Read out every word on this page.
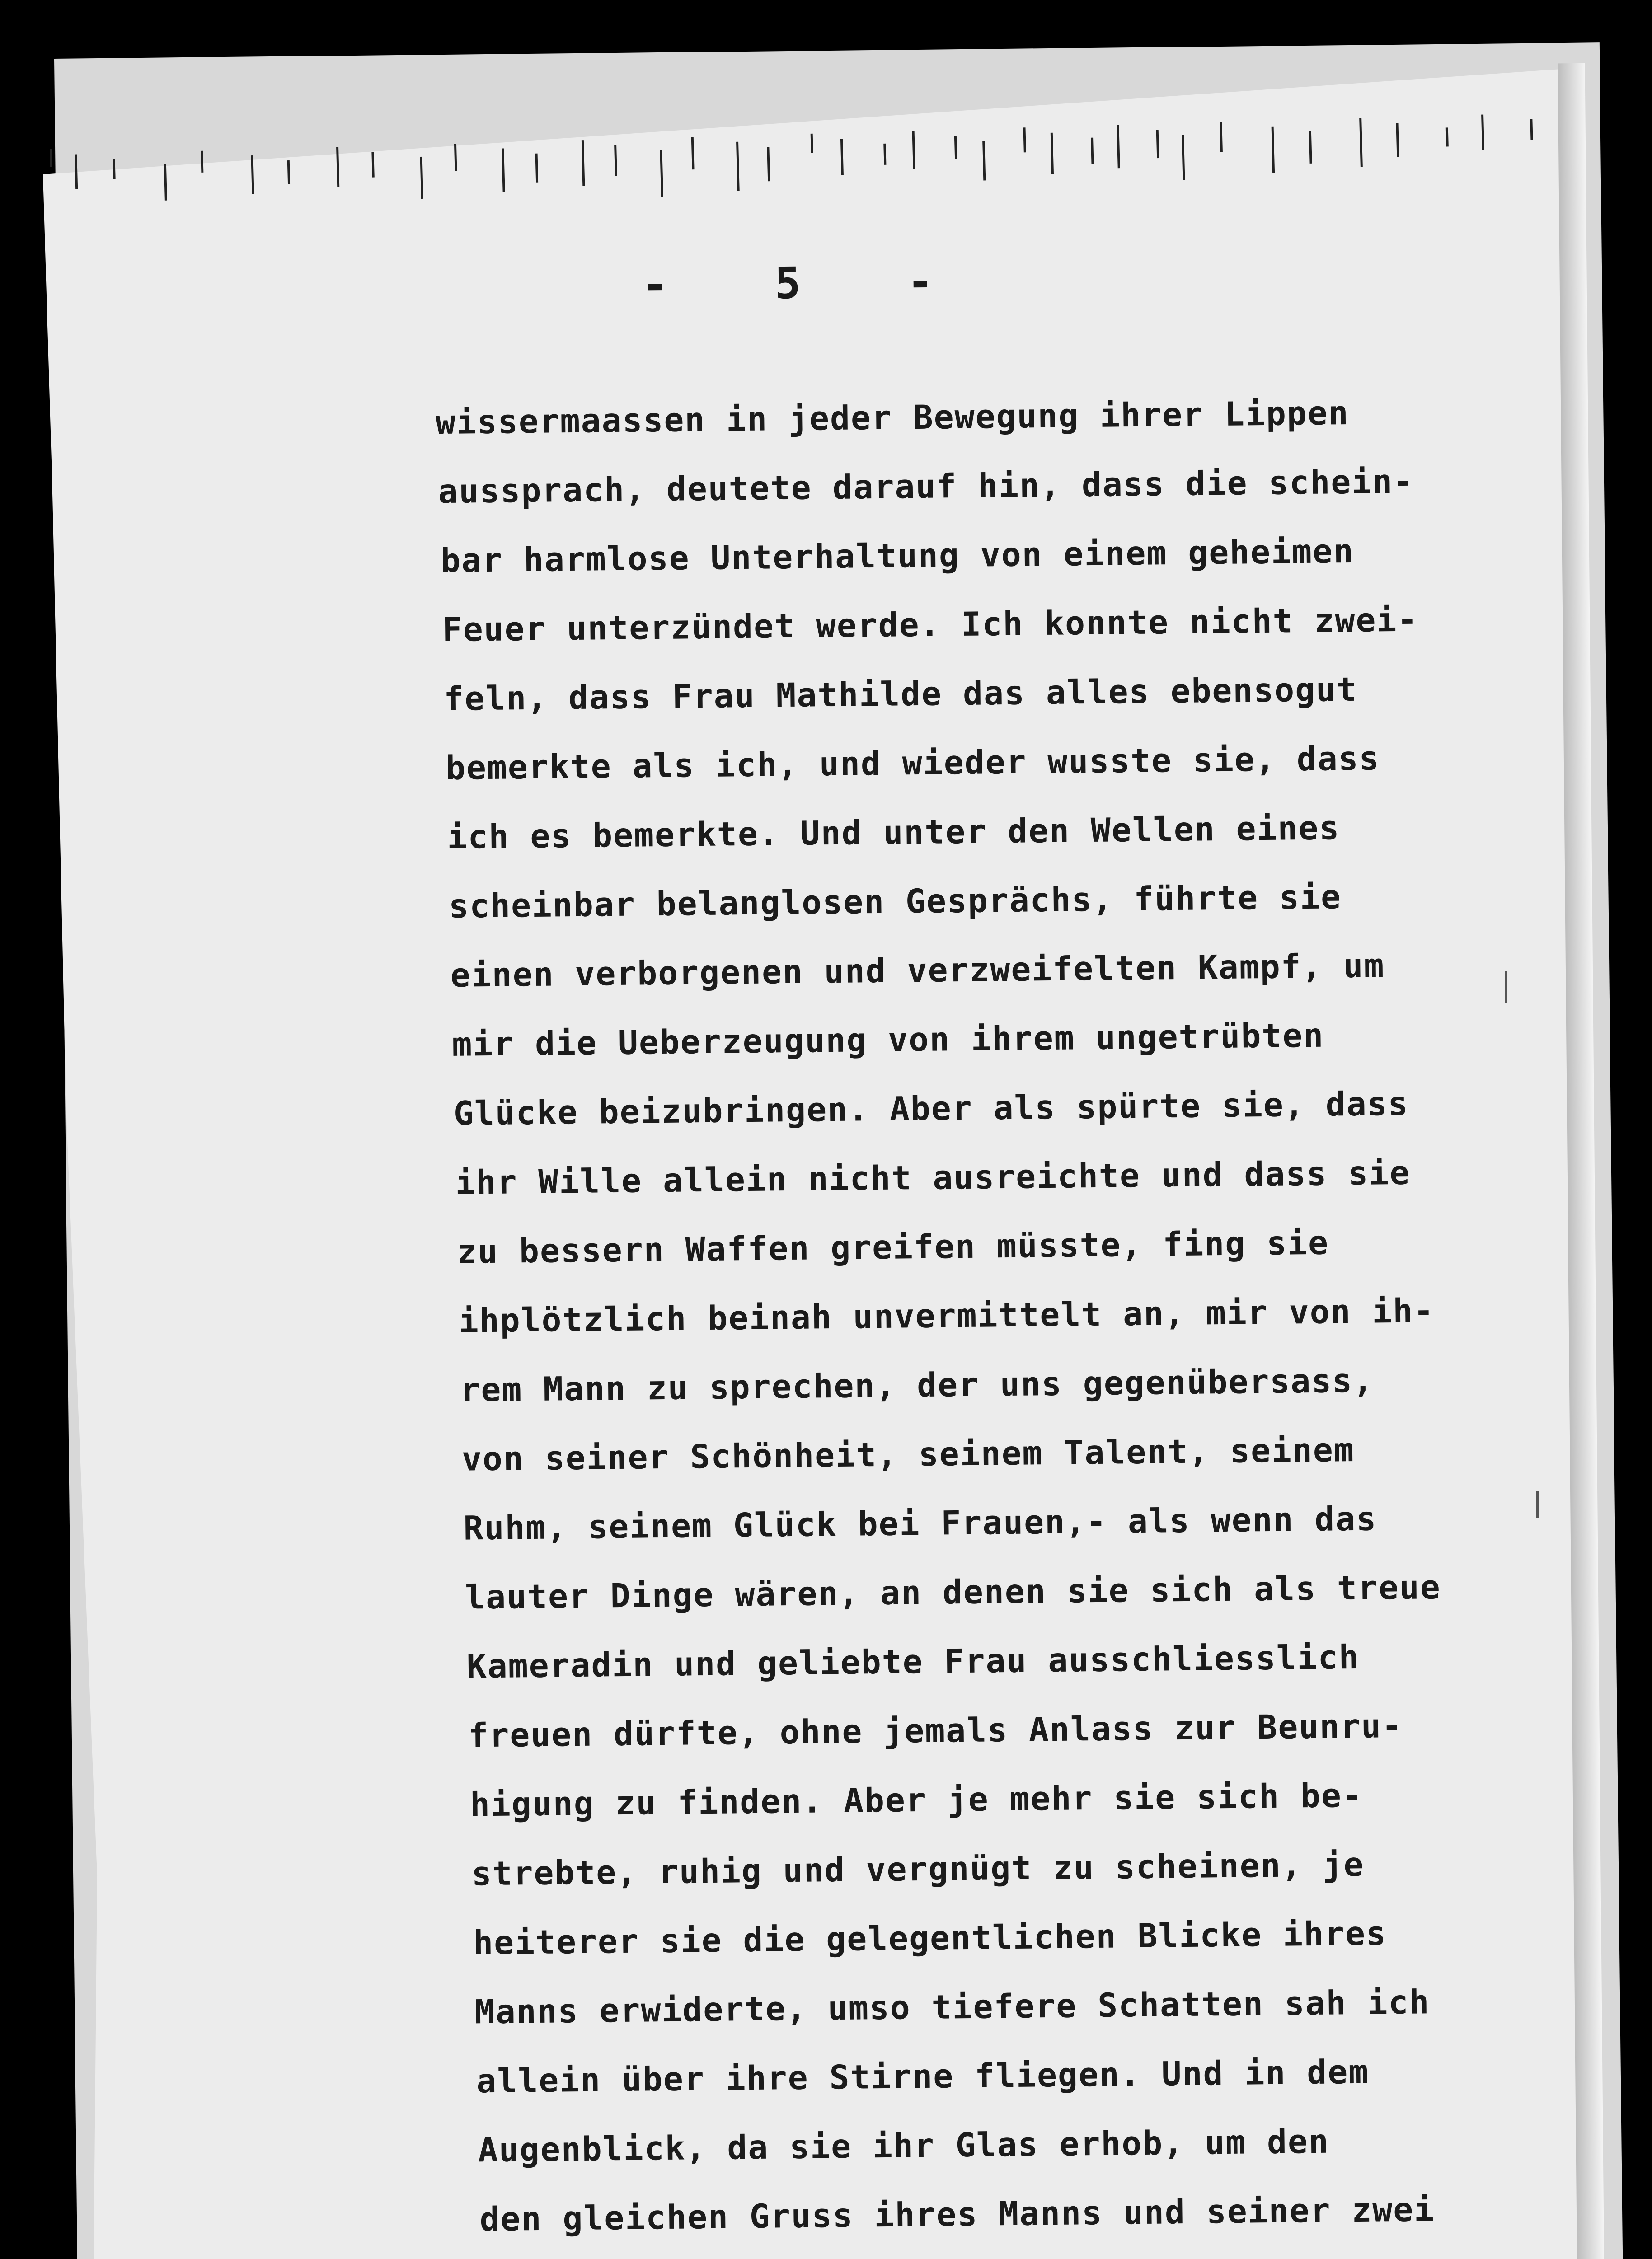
-  5  -
wissermaassen in jeder Bewegung ihrer Lippen
aussprach, deutete darauf hin, dass die schein-
bar harmlose Unterhaltung von einem geheimen
Feuer unterzündet werde. Ich konnte nicht zwei-
feln, dass Frau Mathilde das alles ebensogut
bemerkte als ich, und wieder wusste sie, dass
ich es bemerkte. Und unter den Wellen eines
scheinbar belanglosen Gesprächs, führte sie
einen verborgenen und verzweifelten Kampf, um
mir die Ueberzeugung von ihrem ungetrübten
Glücke beizubringen. Aber als spürte sie, dass
ihr Wille allein nicht ausreichte und dass sie
zu bessern Waffen greifen müsste, fing sie
ihplötzlich beinah unvermittelt an, mir von ih-
rem Mann zu sprechen, der uns gegenübersass,
von seiner Schönheit, seinem Talent, seinem
Ruhm, seinem Glück bei Frauen,- als wenn das
lauter Dinge wären, an denen sie sich als treue
Kameradin und geliebte Frau ausschliesslich
freuen dürfte, ohne jemals Anlass zur Beunru-
higung zu finden. Aber je mehr sie sich be-
strebte, ruhig und vergnügt zu scheinen, je
heiterer sie die gelegentlichen Blicke ihres
Manns erwiderte, umso tiefere Schatten sah ich
allein über ihre Stirne fliegen. Und in dem
Augenblick, da sie ihr Glas erhob, um den
den gleichen Gruss ihres Manns und seiner zwei
